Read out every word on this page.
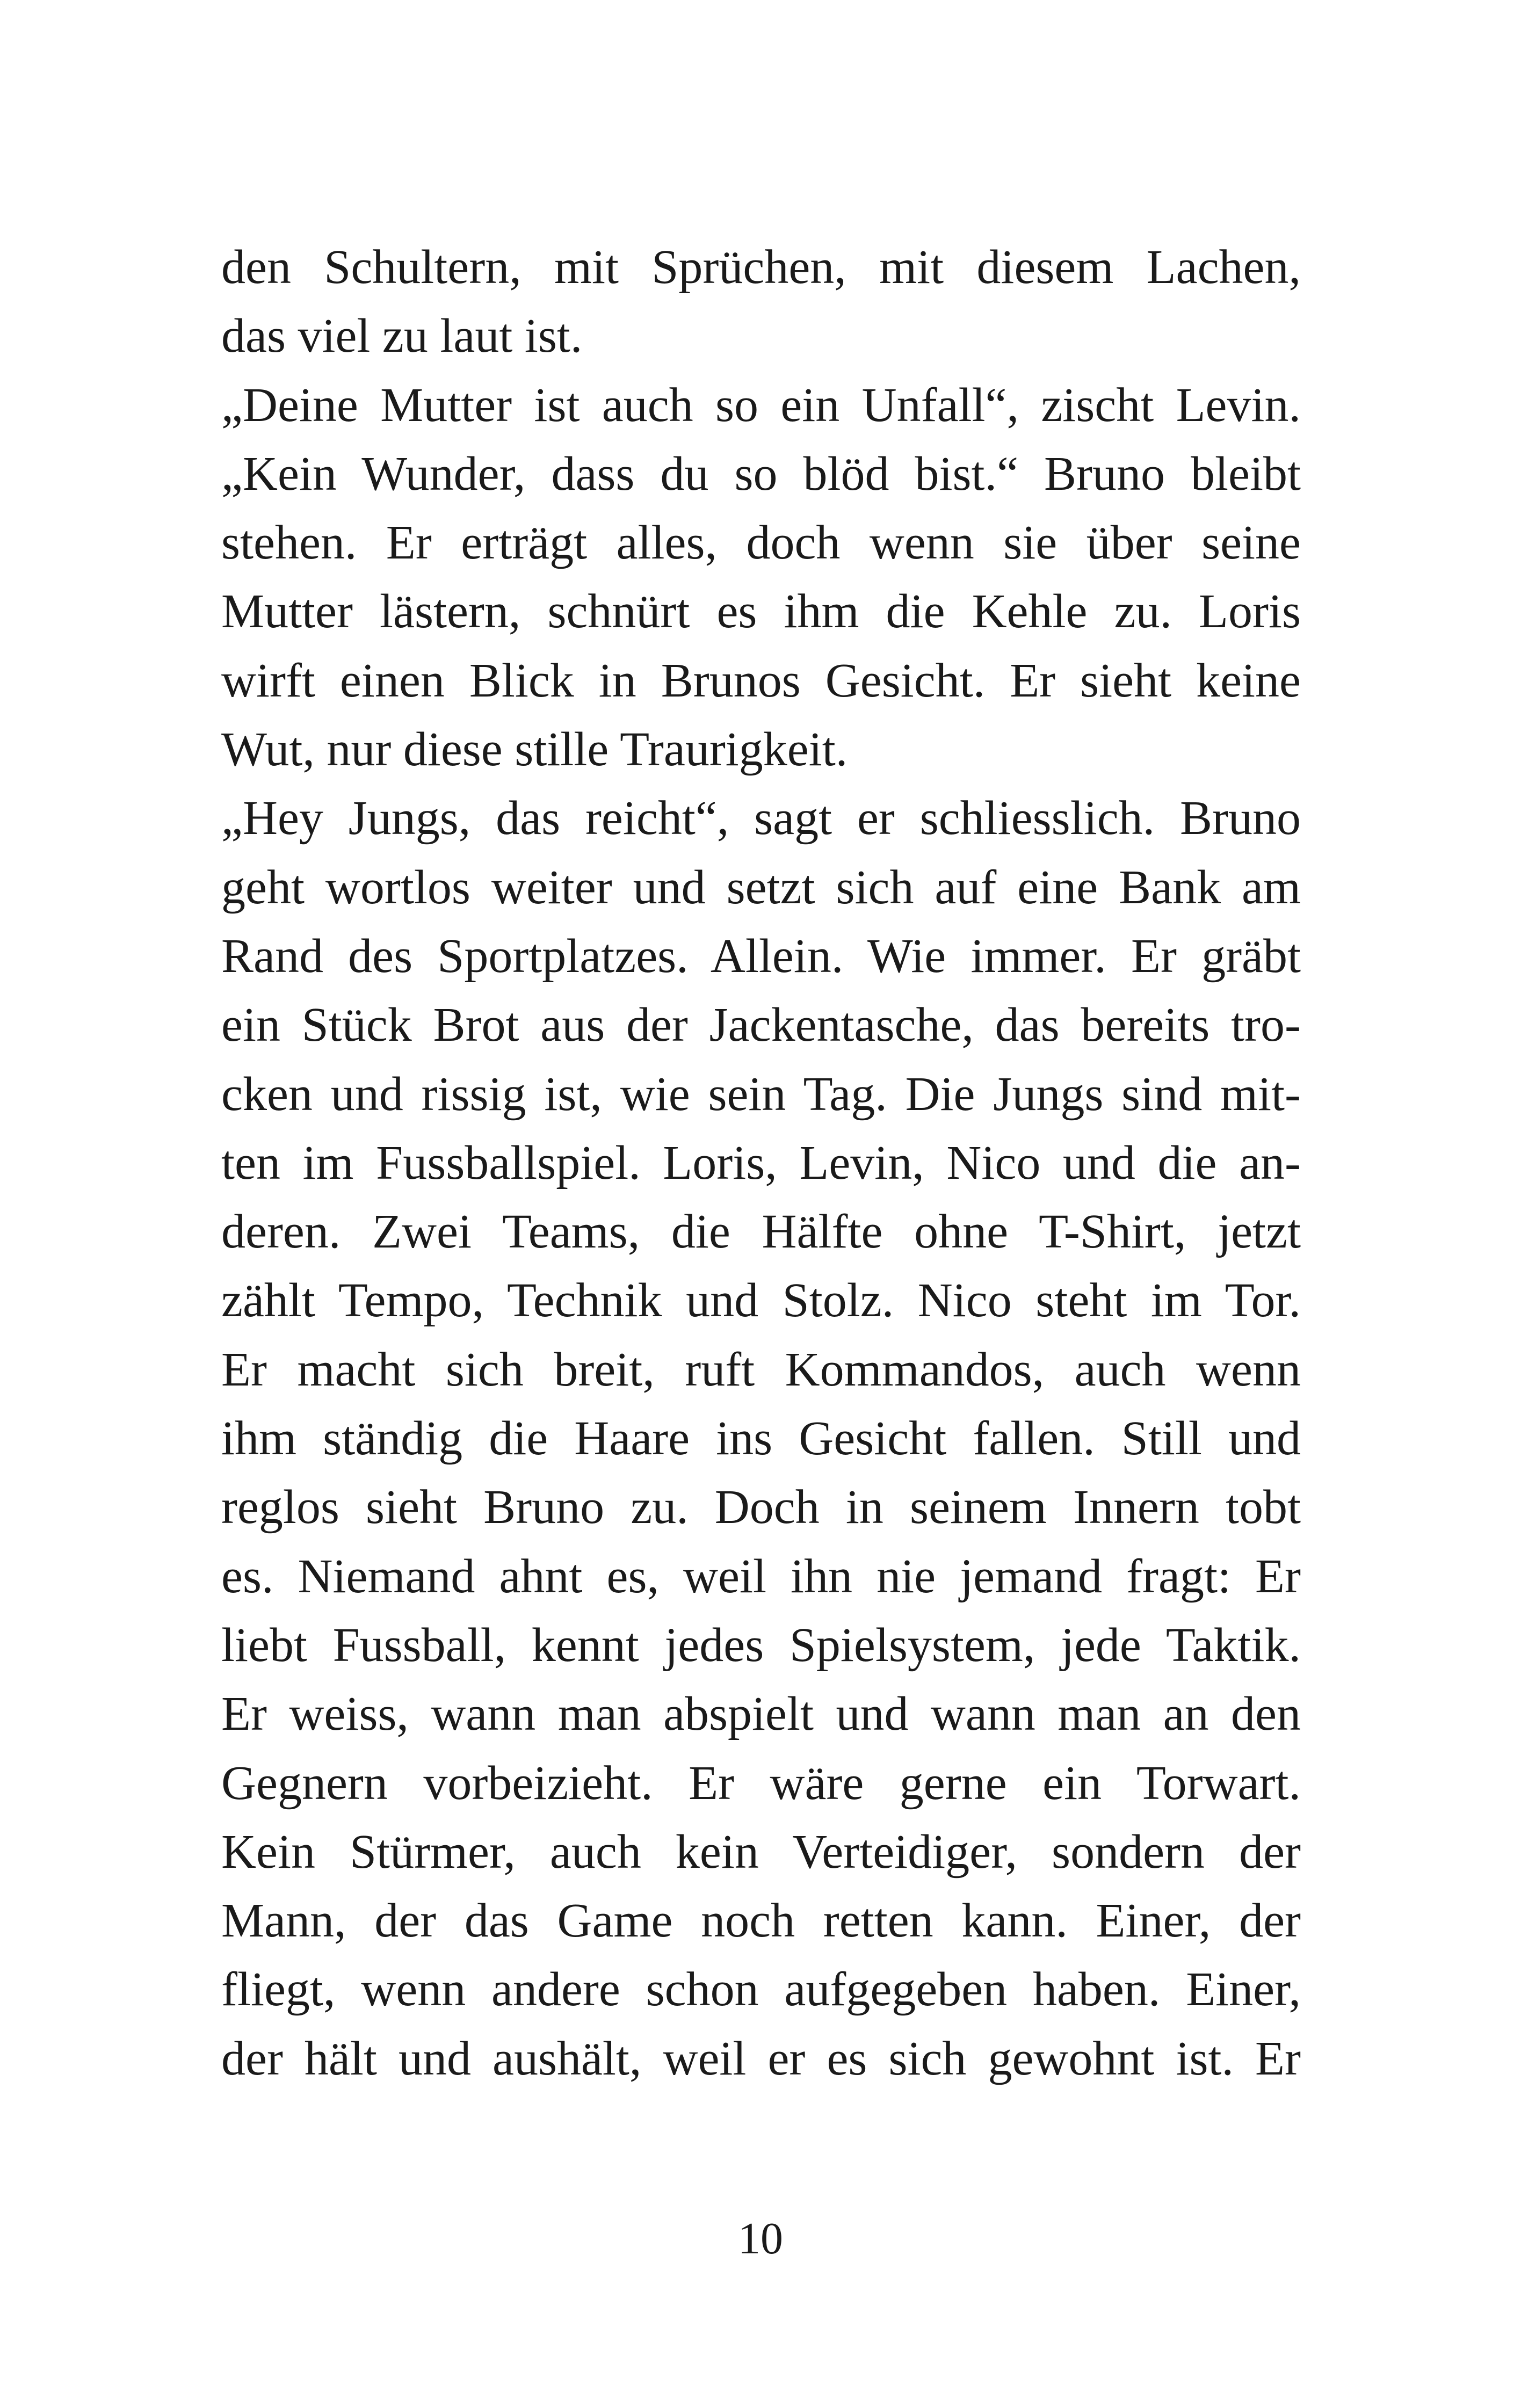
den Schultern, mit Sprüchen, mit diesem Lachen,
das viel zu laut ist.
„Deine Mutter ist auch so ein Unfall“, zischt Levin.
„Kein Wunder, dass du so blöd bist.“ Bruno bleibt
stehen. Er erträgt alles, doch wenn sie über seine
Mutter lästern, schnürt es ihm die Kehle zu. Loris
wirft einen Blick in Brunos Gesicht. Er sieht keine
Wut, nur diese stille Traurigkeit.
„Hey Jungs, das reicht“, sagt er schliesslich. Bruno
geht wortlos weiter und setzt sich auf eine Bank am
Rand des Sportplatzes. Allein. Wie immer. Er gräbt
ein Stück Brot aus der Jackentasche, das bereits tro-
cken und rissig ist, wie sein Tag. Die Jungs sind mit-
ten im Fussballspiel. Loris, Levin, Nico und die an-
deren. Zwei Teams, die Hälfte ohne T-Shirt, jetzt
zählt Tempo, Technik und Stolz. Nico steht im Tor.
Er macht sich breit, ruft Kommandos, auch wenn
ihm ständig die Haare ins Gesicht fallen. Still und
reglos sieht Bruno zu. Doch in seinem Innern tobt
es. Niemand ahnt es, weil ihn nie jemand fragt: Er
liebt Fussball, kennt jedes Spielsystem, jede Taktik.
Er weiss, wann man abspielt und wann man an den
Gegnern vorbeizieht. Er wäre gerne ein Torwart.
Kein Stürmer, auch kein Verteidiger, sondern der
Mann, der das Game noch retten kann. Einer, der
fliegt, wenn andere schon aufgegeben haben. Einer,
der hält und aushält, weil er es sich gewohnt ist. Er
10
